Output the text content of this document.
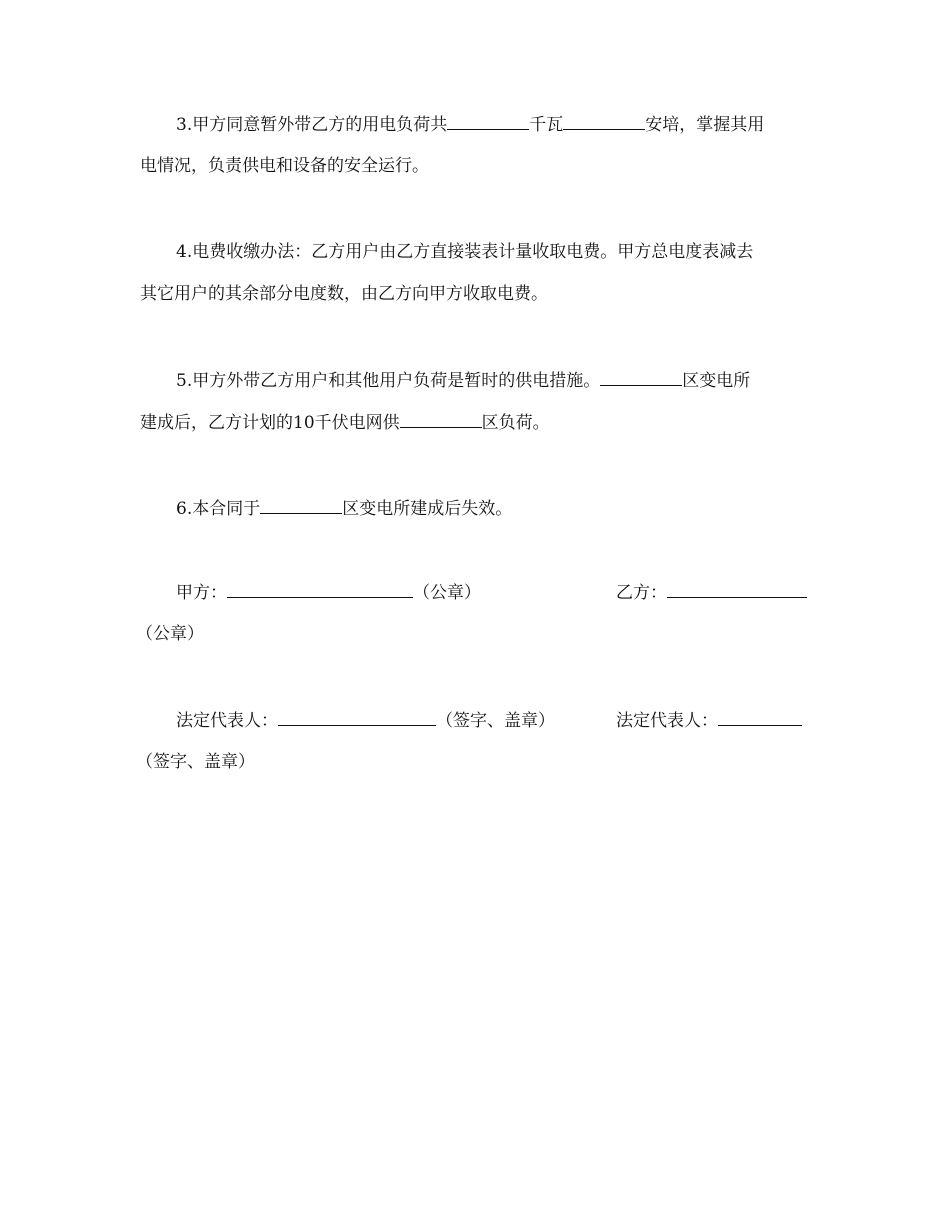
3.甲方同意暂外带乙方的用电负荷共	千瓦	安培，掌握其用
电情况，负责供电和设备的安全运行。
4.电费收缴办法：乙方用户由乙方直接装表计量收取电费。甲方总电度表减去
其它用户的其余部分电度数，由乙方向甲方收取电费。
5.甲方外带乙方用户和其他用户负荷是暂时的供电措施。	区变电所
建成后，乙方计划的10千伏电网供	区负荷。
6.本合同于	区变电所建成后失效。
甲方：	（公章）	乙方：
（公章）
法定代表人：	（签字、盖章）	法定代表人：
（签字、盖章）
